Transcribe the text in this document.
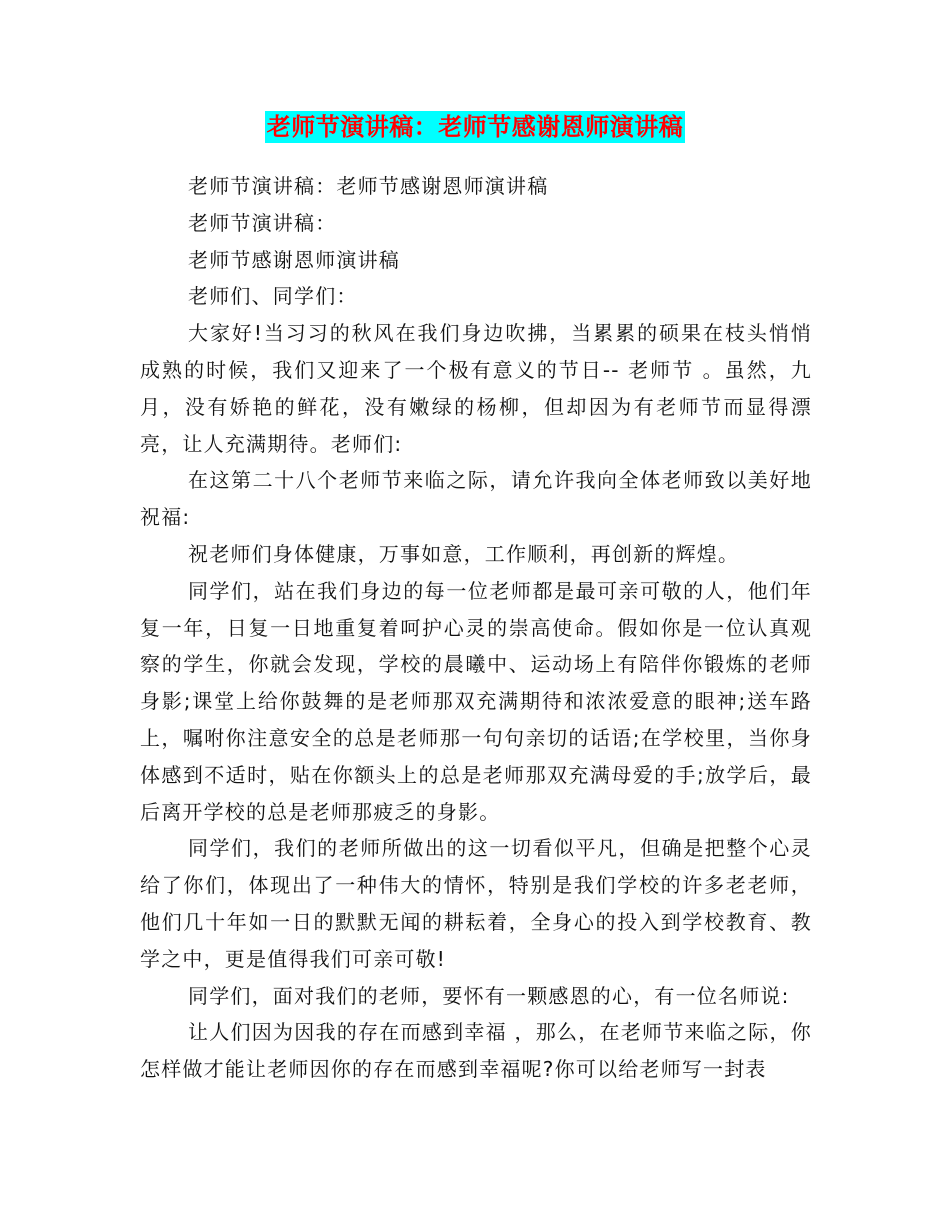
老师节演讲稿：老师节感谢恩师演讲稿

老师节演讲稿：老师节感谢恩师演讲稿

老师节演讲稿：

老师节感谢恩师演讲稿

老师们、同学们：

大家好!当习习的秋风在我们身边吹拂，当累累的硕果在枝头悄悄成熟的时候，我们又迎来了一个极有意义的节日-- 老师节 。虽然，九月，没有娇艳的鲜花，没有嫩绿的杨柳，但却因为有老师节而显得漂亮，让人充满期待。老师们:

在这第二十八个老师节来临之际，请允许我向全体老师致以美好地祝福:

祝老师们身体健康，万事如意，工作顺利，再创新的辉煌。

同学们，站在我们身边的每一位老师都是最可亲可敬的人，他们年复一年，日复一日地重复着呵护心灵的崇高使命。假如你是一位认真观察的学生，你就会发现，学校的晨曦中、运动场上有陪伴你锻炼的老师身影;课堂上给你鼓舞的是老师那双充满期待和浓浓爱意的眼神;送车路上，嘱咐你注意安全的总是老师那一句句亲切的话语;在学校里，当你身体感到不适时，贴在你额头上的总是老师那双充满母爱的手;放学后，最后离开学校的总是老师那疲乏的身影。

同学们，我们的老师所做出的这一切看似平凡，但确是把整个心灵给了你们，体现出了一种伟大的情怀，特别是我们学校的许多老老师，他们几十年如一日的默默无闻的耕耘着，全身心的投入到学校教育、教学之中，更是值得我们可亲可敬!

同学们，面对我们的老师，要怀有一颗感恩的心，有一位名师说:

让人们因为因我的存在而感到幸福 ，那么，在老师节来临之际，你怎样做才能让老师因你的存在而感到幸福呢?你可以给老师写一封表
